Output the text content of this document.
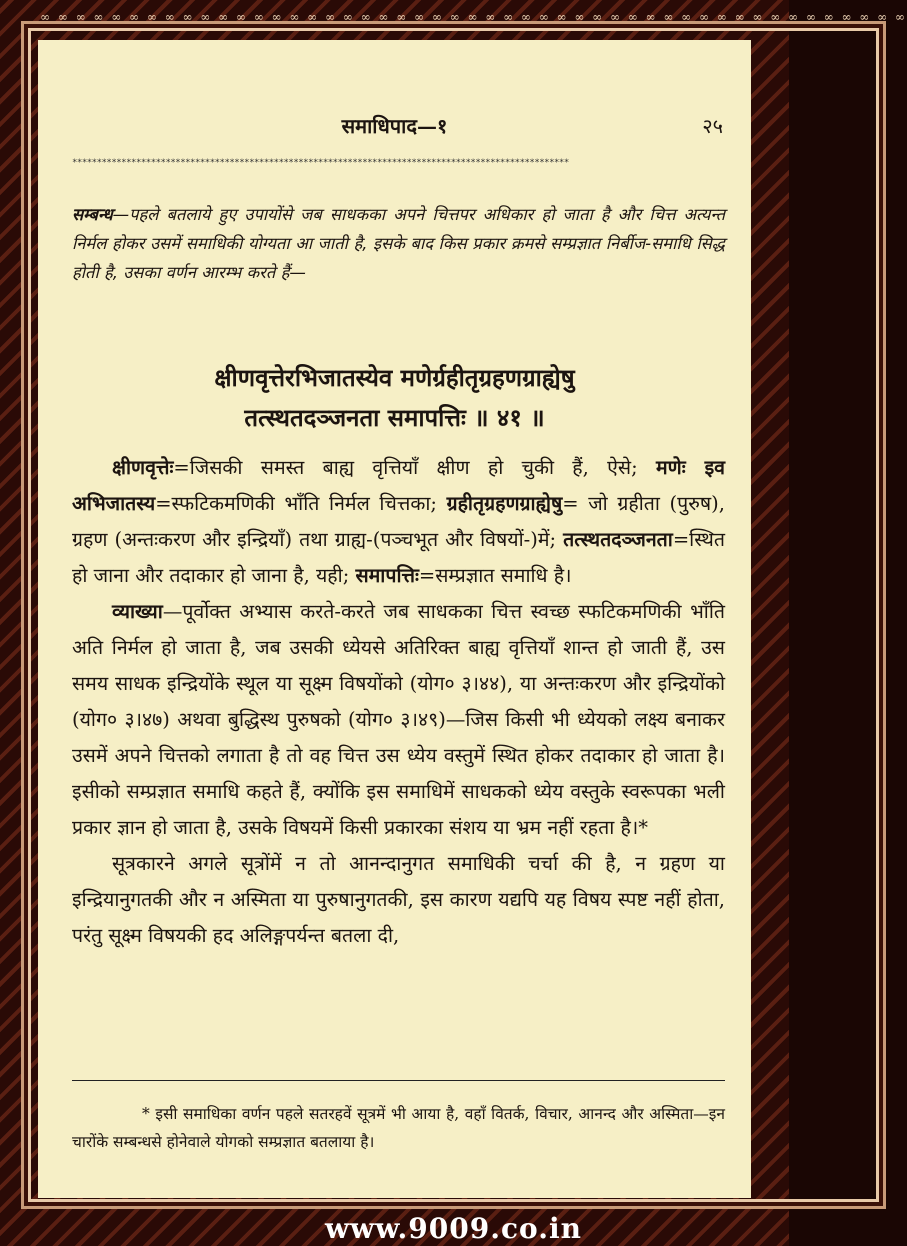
समाधिपाद—१	२५
*****************************************************************************************************
सम्बन्ध—पहले बतलाये हुए उपायोंसे जब साधकका अपने चित्तपर अधिकार हो जाता है और चित्त अत्यन्त निर्मल होकर उसमें समाधिकी योग्यता आ जाती है, इसके बाद किस प्रकार क्रमसे सम्प्रज्ञात निर्बीज-समाधि सिद्ध होती है, उसका वर्णन आरम्भ करते हैं—
क्षीणवृत्तेरभिजातस्येव मणेर्ग्रहीतृग्रहणग्राह्येषु
तत्स्थतदञ्जनता समापत्तिः ॥ ४१ ॥

क्षीणवृत्तेः=जिसकी समस्त बाह्य वृत्तियाँ क्षीण हो चुकी हैं, ऐसे; मणेः इव अभिजातस्य=स्फटिकमणिकी भाँति निर्मल चित्तका; ग्रहीतृग्रहणग्राह्येषु= जो ग्रहीता (पुरुष), ग्रहण (अन्तःकरण और इन्द्रियाँ) तथा ग्राह्य-(पञ्चभूत और विषयों-)में; तत्स्थतदञ्जनता=स्थित हो जाना और तदाकार हो जाना है, यही; समापत्तिः=सम्प्रज्ञात समाधि है।

व्याख्या—पूर्वोक्त अभ्यास करते-करते जब साधकका चित्त स्वच्छ स्फटिकमणिकी भाँति अति निर्मल हो जाता है, जब उसकी ध्येयसे अतिरिक्त बाह्य वृत्तियाँ शान्त हो जाती हैं, उस समय साधक इन्द्रियोंके स्थूल या सूक्ष्म विषयोंको (योग० ३।४४), या अन्तःकरण और इन्द्रियोंको (योग० ३।४७) अथवा बुद्धिस्थ पुरुषको (योग० ३।४९)—जिस किसी भी ध्येयको लक्ष्य बनाकर उसमें अपने चित्तको लगाता है तो वह चित्त उस ध्येय वस्तुमें स्थित होकर तदाकार हो जाता है। इसीको सम्प्रज्ञात समाधि कहते हैं, क्योंकि इस समाधिमें साधकको ध्येय वस्तुके स्वरूपका भली प्रकार ज्ञान हो जाता है, उसके विषयमें किसी प्रकारका संशय या भ्रम नहीं रहता है।*

सूत्रकारने अगले सूत्रोंमें न तो आनन्दानुगत समाधिकी चर्चा की है, न ग्रहण या इन्द्रियानुगतकी और न अस्मिता या पुरुषानुगतकी, इस कारण यद्यपि यह विषय स्पष्ट नहीं होता, परंतु सूक्ष्म विषयकी हद अलिङ्गपर्यन्त बतला दी,

* इसी समाधिका वर्णन पहले सतरहवें सूत्रमें भी आया है, वहाँ वितर्क, विचार, आनन्द और अस्मिता—इन चारोंके सम्बन्धसे होनेवाले योगको सम्प्रज्ञात बतलाया है।
∞ ∞ ∞ ∞ ∞ ∞ ∞ ∞ ∞ ∞ ∞ ∞ ∞ ∞ ∞ ∞ ∞ ∞ ∞ ∞ ∞ ∞ ∞ ∞ ∞ ∞ ∞ ∞ ∞ ∞ ∞ ∞ ∞ ∞ ∞ ∞ ∞ ∞ ∞ ∞ ∞ ∞ ∞ ∞ ∞ ∞ ∞ ∞ ∞
www.9009.co.in
